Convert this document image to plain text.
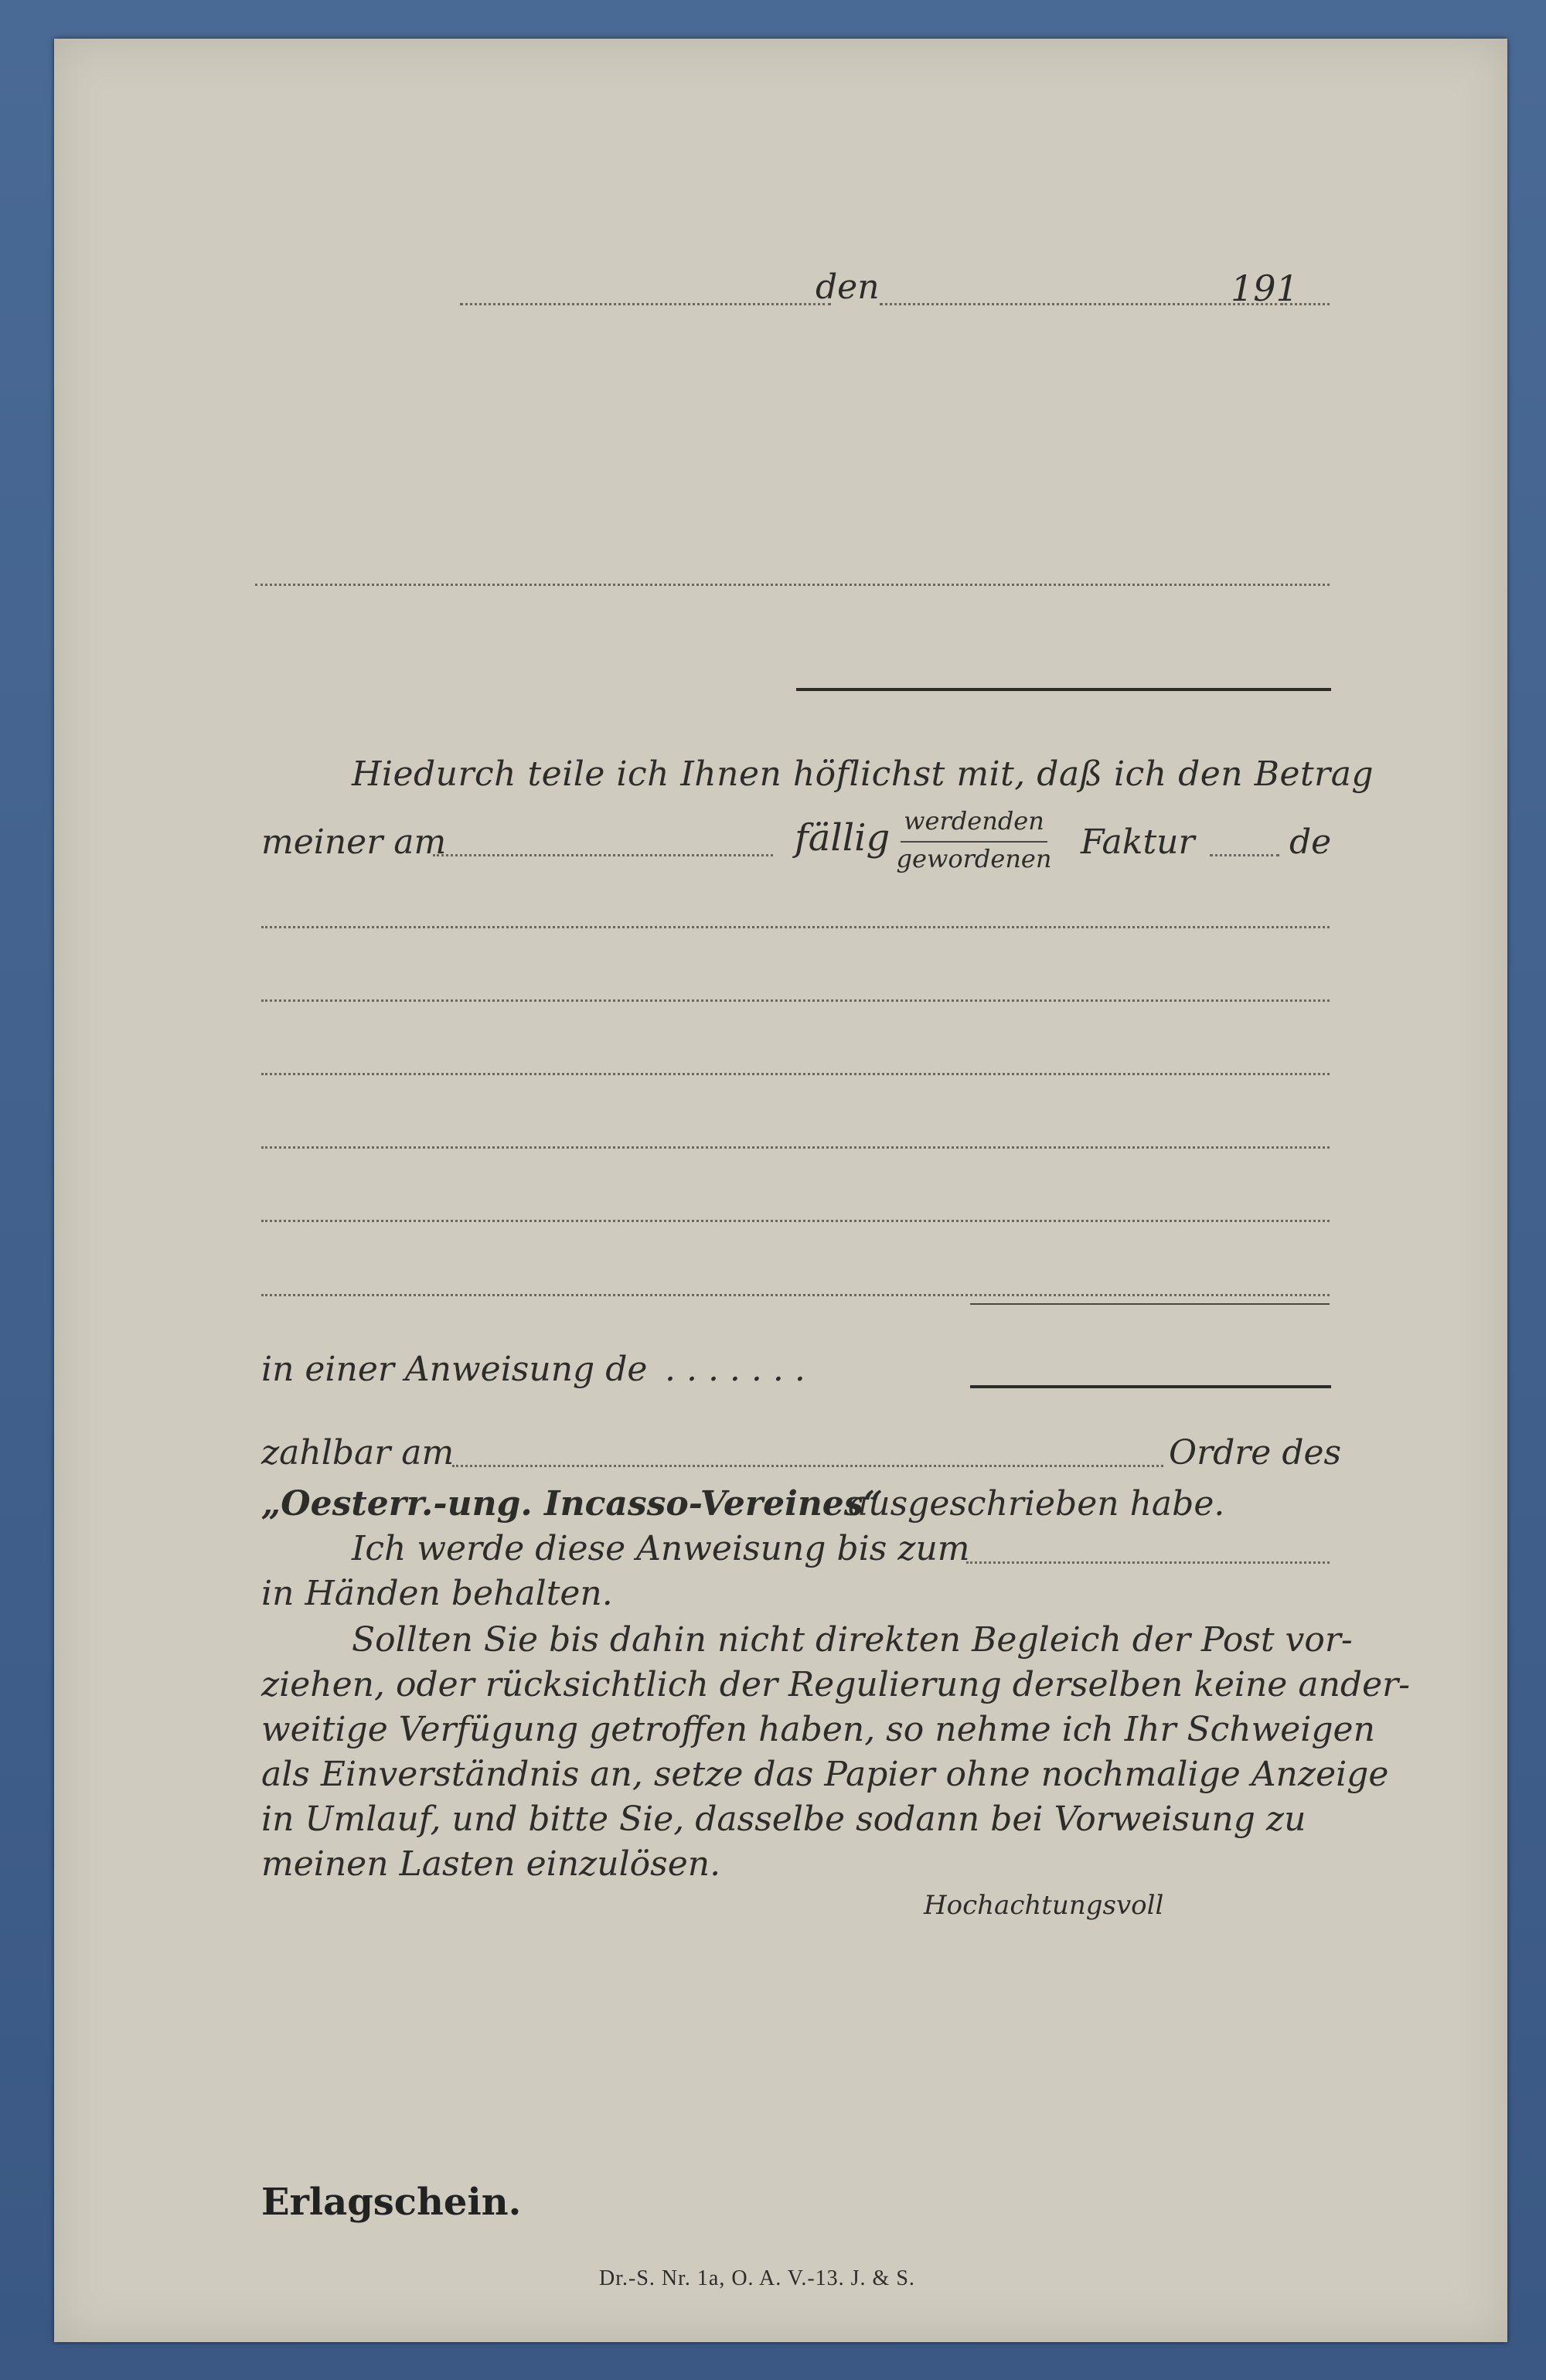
den	191
Hiedurch teile ich Ihnen höflichst mit, daß ich den Betrag
meiner am	fällig werdenden
gewordenen Faktur	de
in einer Anweisung de . . . . . . .
zahlbar am	Ordre des
„Oesterr.-ung. Incasso-Vereines“
ausgeschrieben habe.
Ich werde diese Anweisung bis zum
in Händen behalten.
Sollten Sie bis dahin nicht direkten Begleich der Post vor-
ziehen, oder rücksichtlich der Regulierung derselben keine ander-
weitige Verfügung getroffen haben, so nehme ich Ihr Schweigen
als Einverständnis an, setze das Papier ohne nochmalige Anzeige
in Umlauf, und bitte Sie, dasselbe sodann bei Vorweisung zu
meinen Lasten einzulösen.
Hochachtungsvoll
Erlagschein.
Dr.-S. Nr. 1a, O. A. V.-13. J. & S.
